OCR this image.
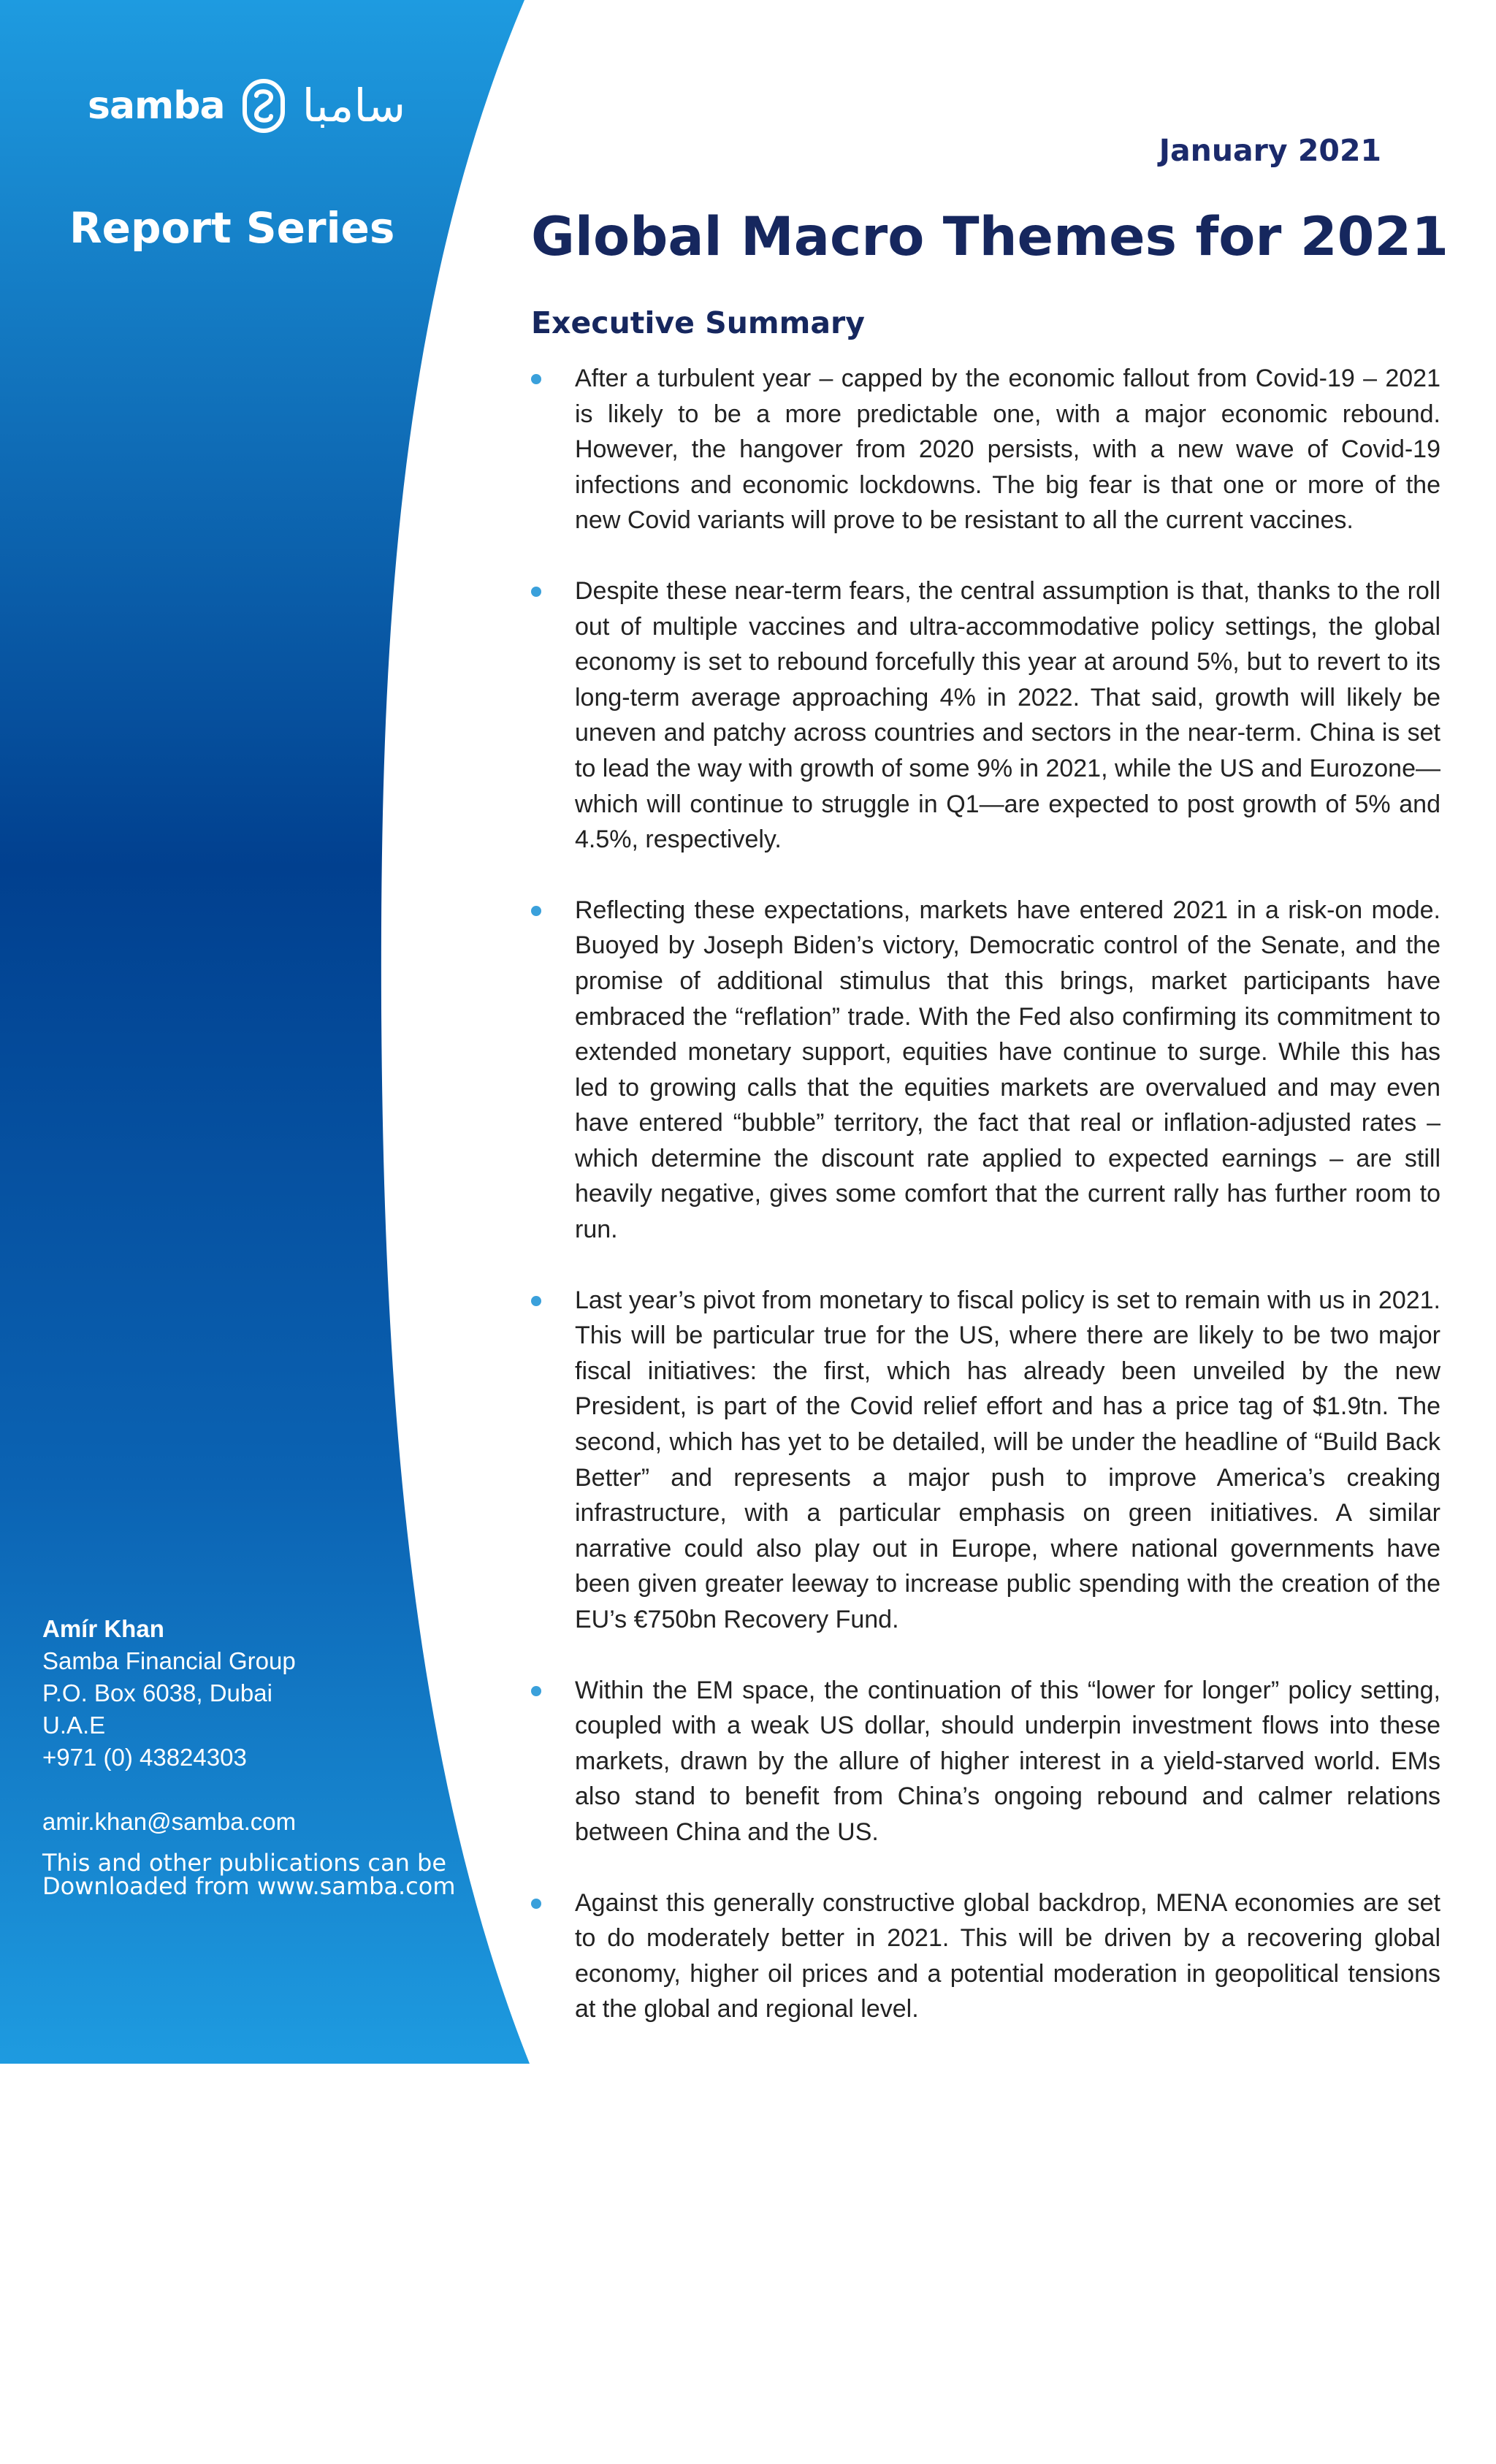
samba سامبا
Report Series
Amír Khan
Samba Financial Group
P.O. Box 6038, Dubai
U.A.E
+971 (0) 43824303
amir.khan@samba.com
This and other publications can be
Downloaded from www.samba.com
January 2021
Global Macro Themes for 2021
Executive Summary
After a turbulent year – capped by the economic fallout from Covid-19 – 2021 is likely to be a more predictable one, with a major economic rebound. However, the hangover from 2020 persists, with a new wave of Covid-19 infections and economic lockdowns. The big fear is that one or more of the new Covid variants will prove to be resistant to all the current vaccines.
Despite these near-term fears, the central assumption is that, thanks to the roll out of multiple vaccines and ultra-accommodative policy settings, the global economy is set to rebound forcefully this year at around 5%, but to revert to its long-term average approaching 4% in 2022. That said, growth will likely be uneven and patchy across countries and sectors in the near-term. China is set to lead the way with growth of some 9% in 2021, while the US and Eurozone—which will continue to struggle in Q1—are expected to post growth of 5% and 4.5%, respectively.
Reflecting these expectations, markets have entered 2021 in a risk-on mode. Buoyed by Joseph Biden’s victory, Democratic control of the Senate, and the promise of additional stimulus that this brings, market participants have embraced the “reflation” trade. With the Fed also confirming its commitment to extended monetary support, equities have continue to surge. While this has led to growing calls that the equities markets are overvalued and may even have entered “bubble” territory, the fact that real or inflation-adjusted rates – which determine the discount rate applied to expected earnings – are still heavily negative, gives some comfort that the current rally has further room to run.
Last year’s pivot from monetary to fiscal policy is set to remain with us in 2021. This will be particular true for the US, where there are likely to be two major fiscal initiatives: the first, which has already been unveiled by the new President, is part of the Covid relief effort and has a price tag of $1.9tn. The second, which has yet to be detailed, will be under the headline of “Build Back Better” and represents a major push to improve America’s creaking infrastructure, with a particular emphasis on green initiatives. A similar narrative could also play out in Europe, where national governments have been given greater leeway to increase public spending with the creation of the EU’s €750bn Recovery Fund.
Within the EM space, the continuation of this “lower for longer” policy setting, coupled with a weak US dollar, should underpin investment flows into these markets, drawn by the allure of higher interest in a yield-starved world. EMs also stand to benefit from China’s ongoing rebound and calmer relations between China and the US.
Against this generally constructive global backdrop, MENA economies are set to do moderately better in 2021. This will be driven by a recovering global economy, higher oil prices and a potential moderation in geopolitical tensions at the global and regional level.
